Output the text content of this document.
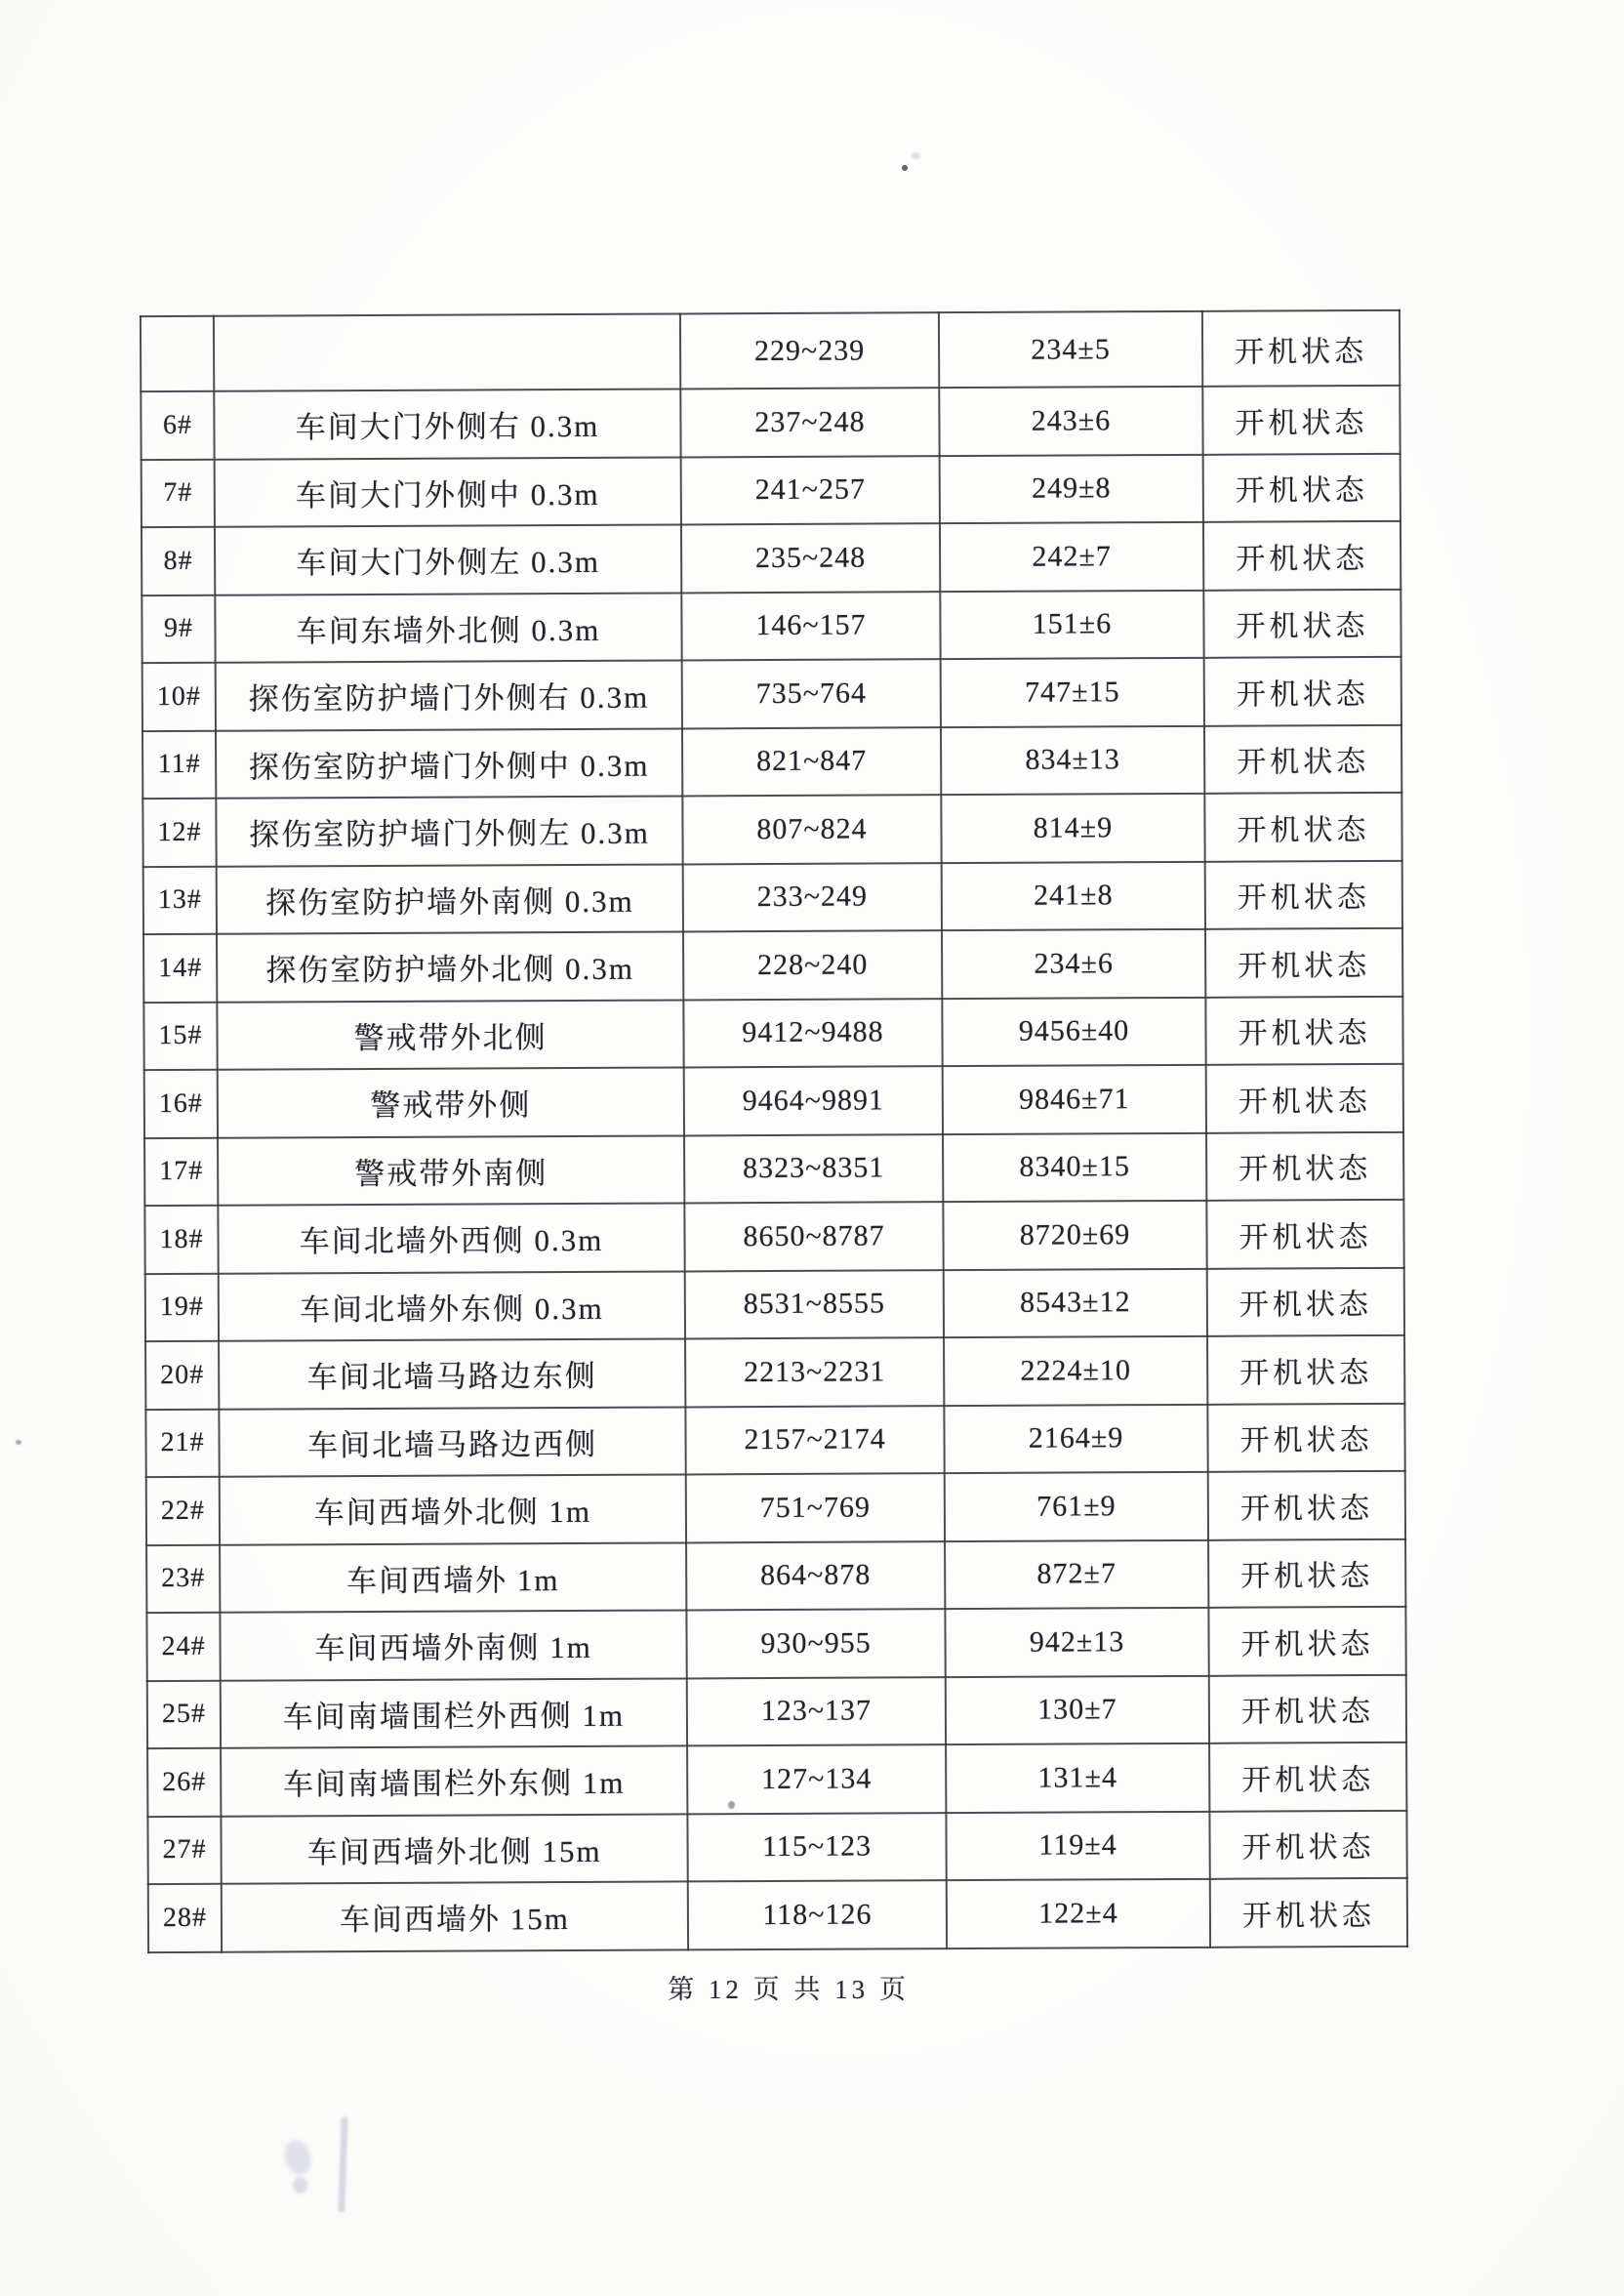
		229~239	234±5	开机状态
6#	车间大门外侧右 0.3m	237~248	243±6	开机状态
7#	车间大门外侧中 0.3m	241~257	249±8	开机状态
8#	车间大门外侧左 0.3m	235~248	242±7	开机状态
9#	车间东墙外北侧 0.3m	146~157	151±6	开机状态
10#	探伤室防护墙门外侧右 0.3m	735~764	747±15	开机状态
11#	探伤室防护墙门外侧中 0.3m	821~847	834±13	开机状态
12#	探伤室防护墙门外侧左 0.3m	807~824	814±9	开机状态
13#	探伤室防护墙外南侧 0.3m	233~249	241±8	开机状态
14#	探伤室防护墙外北侧 0.3m	228~240	234±6	开机状态
15#	警戒带外北侧	9412~9488	9456±40	开机状态
16#	警戒带外侧	9464~9891	9846±71	开机状态
17#	警戒带外南侧	8323~8351	8340±15	开机状态
18#	车间北墙外西侧 0.3m	8650~8787	8720±69	开机状态
19#	车间北墙外东侧 0.3m	8531~8555	8543±12	开机状态
20#	车间北墙马路边东侧	2213~2231	2224±10	开机状态
21#	车间北墙马路边西侧	2157~2174	2164±9	开机状态
22#	车间西墙外北侧 1m	751~769	761±9	开机状态
23#	车间西墙外 1m	864~878	872±7	开机状态
24#	车间西墙外南侧 1m	930~955	942±13	开机状态
25#	车间南墙围栏外西侧 1m	123~137	130±7	开机状态
26#	车间南墙围栏外东侧 1m	127~134	131±4	开机状态
27#	车间西墙外北侧 15m	115~123	119±4	开机状态
28#	车间西墙外 15m	118~126	122±4	开机状态
第 12 页 共 13 页
